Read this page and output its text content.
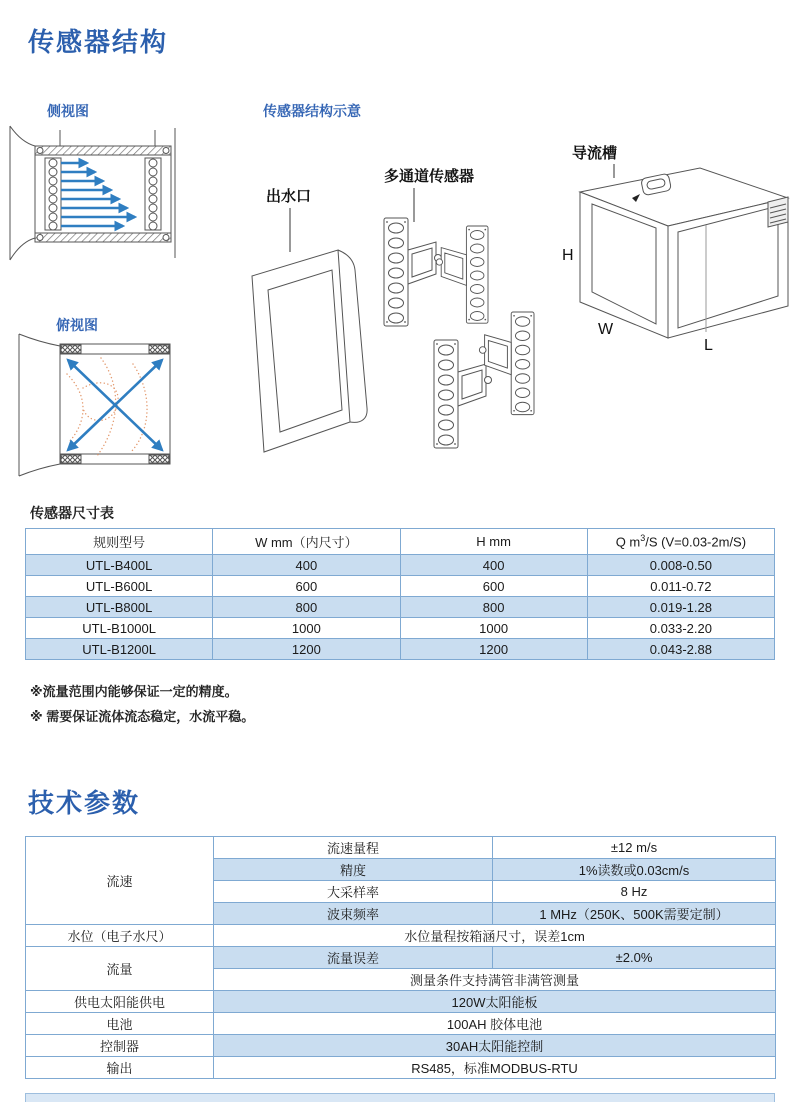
传感器结构
侧视图
俯视图
传感器结构示意
出水口
多通道传感器
导流槽
H
W
L
传感器尺寸表
规则型号	W mm（内尺寸）	H mm	Q $m^3/S$ (V=0.03-2m/S)
UTL-B400L	400	400	0.008-0.50
UTL-B600L	600	600	0.011-0.72
UTL-B800L	800	800	0.019-1.28
UTL-B1000L	1000	1000	0.033-2.20
UTL-B1200L	1200	1200	0.043-2.88
※流量范围内能够保证一定的精度。
※ 需要保证流体流态稳定，水流平稳。
技术参数
流速	流速量程	±12 m/s
	精度	1%读数或0.03cm/s
	大采样率	8 Hz
	波束频率	1 MHz（250K、500K需要定制）
水位（电子水尺）	水位量程按箱涵尺寸，误差1cm	
流量	流量误差	±2.0%
	测量条件支持满管非满管测量	
供电太阳能供电	120W太阳能板	
电池	100AH 胶体电池	
控制器	30AH太阳能控制	
输出	RS485，标准MODBUS-RTU	
